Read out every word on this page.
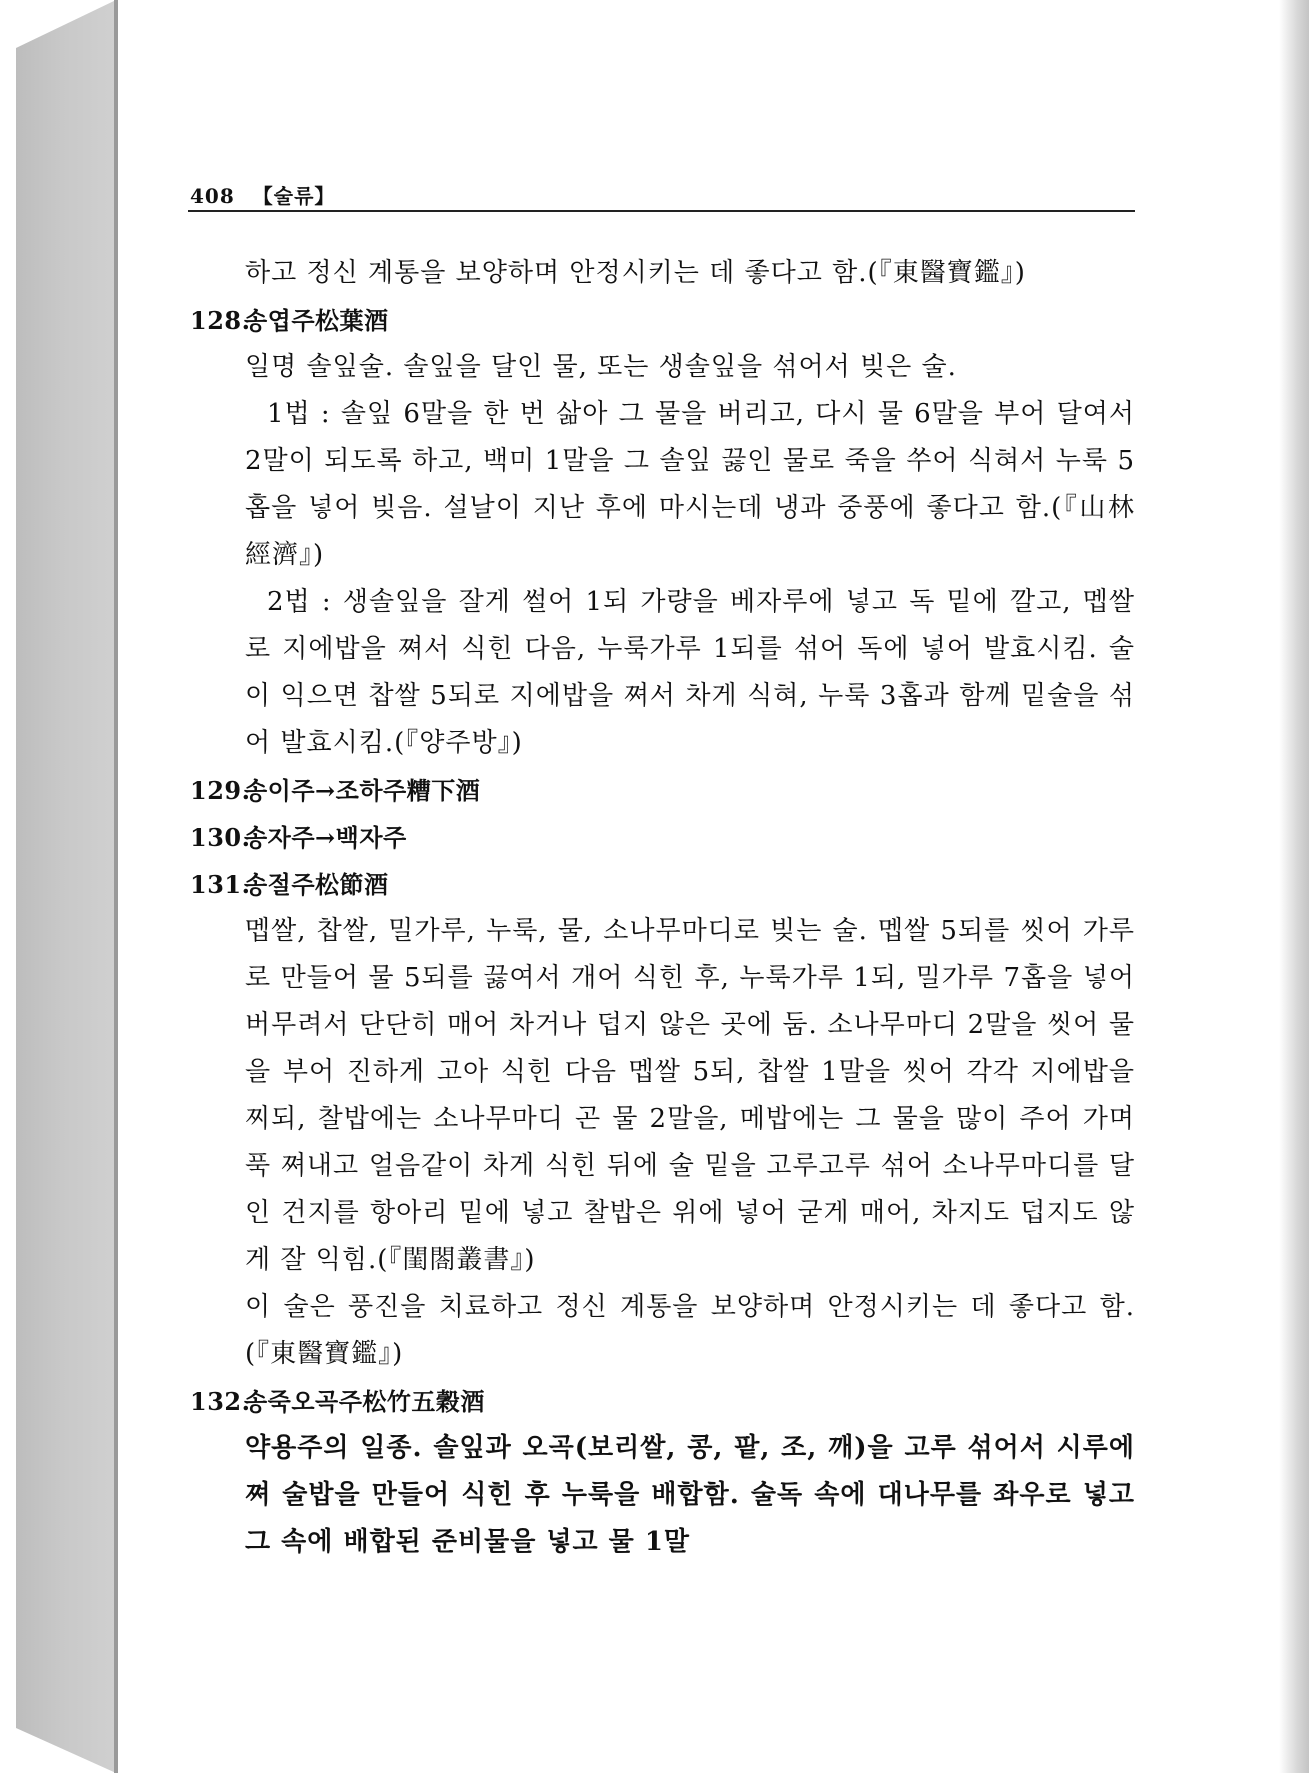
408 【술류】
하고 정신 계통을 보양하며 안정시키는 데 좋다고 함.(『東醫寶鑑』)
128.송엽주松葉酒
일명 솔잎술. 솔잎을 달인 물, 또는 생솔잎을 섞어서 빚은 술.
1법 : 솔잎 6말을 한 번 삶아 그 물을 버리고, 다시 물 6말을 부어 달여서 2말이 되도록 하고, 백미 1말을 그 솔잎 끓인 물로 죽을 쑤어 식혀서 누룩 5홉을 넣어 빚음. 설날이 지난 후에 마시는데 냉과 중풍에 좋다고 함.(『山林經濟』)
2법 : 생솔잎을 잘게 썰어 1되 가량을 베자루에 넣고 독 밑에 깔고, 멥쌀로 지에밥을 쪄서 식힌 다음, 누룩가루 1되를 섞어 독에 넣어 발효시킴. 술이 익으면 찹쌀 5되로 지에밥을 쪄서 차게 식혀, 누룩 3홉과 함께 밑술을 섞어 발효시킴.(『양주방』)
129.송이주→조하주糟下酒
130.송자주→백자주
131.송절주松節酒
멥쌀, 찹쌀, 밀가루, 누룩, 물, 소나무마디로 빚는 술. 멥쌀 5되를 씻어 가루로 만들어 물 5되를 끓여서 개어 식힌 후, 누룩가루 1되, 밀가루 7홉을 넣어 버무려서 단단히 매어 차거나 덥지 않은 곳에 둠. 소나무마디 2말을 씻어 물을 부어 진하게 고아 식힌 다음 멥쌀 5되, 찹쌀 1말을 씻어 각각 지에밥을 찌되, 찰밥에는 소나무마디 곤 물 2말을, 메밥에는 그 물을 많이 주어 가며 푹 쪄내고 얼음같이 차게 식힌 뒤에 술 밑을 고루고루 섞어 소나무마디를 달인 건지를 항아리 밑에 넣고 찰밥은 위에 넣어 굳게 매어, 차지도 덥지도 않게 잘 익힘.(『閨閤叢書』)
이 술은 풍진을 치료하고 정신 계통을 보양하며 안정시키는 데 좋다고 함.(『東醫寶鑑』)
132.송죽오곡주松竹五穀酒
약용주의 일종. 솔잎과 오곡(보리쌀, 콩, 팥, 조, 깨)을 고루 섞어서 시루에 쪄 술밥을 만들어 식힌 후 누룩을 배합함. 술독 속에 대나무를 좌우로 넣고 그 속에 배합된 준비물을 넣고 물 1말
